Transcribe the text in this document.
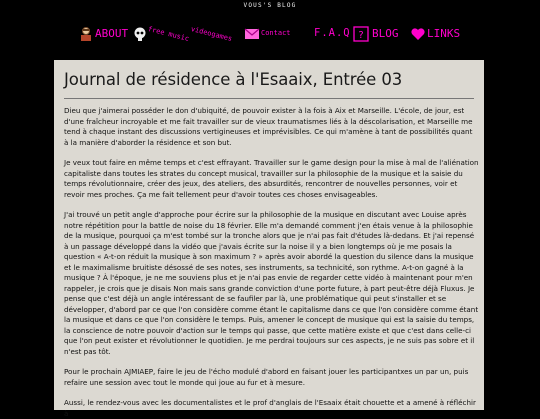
VOUS'S BLOG
ABOUT	free music videogames	Contact F.A.Q ? BLOG	LINKS
Journal de résidence à l'Esaaix, Entrée 03

Dieu que j'aimerai posséder le don d'ubiquité, de pouvoir exister à la fois à Aix et Marseille. L'école, de jour, est d'une fraîcheur incroyable et me fait travailler sur de vieux traumatismes liés à la déscolarisation, et Marseille me tend à chaque instant des discussions vertigineuses et imprévisibles. Ce qui m'amène à tant de possibilités quant à la manière d'aborder la résidence et son but.

Je veux tout faire en même temps et c'est effrayant. Travailler sur le game design pour la mise à mal de l'aliénation capitaliste dans toutes les strates du concept musical, travailler sur la philosophie de la musique et la saisie du temps révolutionnaire, créer des jeux, des ateliers, des absurdités, rencontrer de nouvelles personnes, voir et revoir mes proches. Ça me fait tellement peur d'avoir toutes ces choses envisageables.

J'ai trouvé un petit angle d'approche pour écrire sur la philosophie de la musique en discutant avec Louise après notre répétition pour la battle de noise du 18 février. Elle m'a demandé comment j'en étais venue à la philosophie de la musique, pourquoi ça m'est tombé sur la tronche alors que je n'ai pas fait d'études là-dedans. Et j'ai repensé à un passage développé dans la vidéo que j'avais écrite sur la noise il y a bien longtemps où je me posais la question « A-t-on réduit la musique à son maximum ? » après avoir abordé la question du silence dans la musique et le maximalisme bruitiste désossé de ses notes, ses instruments, sa technicité, son rythme. A-t-on gagné à la musique ? À l'époque, je ne me souviens plus et je n'ai pas envie de regarder cette vidéo à maintenant pour m'en rappeler, je crois que je disais Non mais sans grande conviction d'une porte future, à part peut-être déjà Fluxus. Je pense que c'est déjà un angle intéressant de se faufiler par là, une problématique qui peut s'installer et se développer, d'abord par ce que l'on considère comme étant le capitalisme dans ce que l'on considère comme étant la musique et dans ce que l'on considère le temps. Puis, amener le concept de musique qui est la saisie du temps, la conscience de notre pouvoir d'action sur le temps qui passe, que cette matière existe et que c'est dans celle-ci que l'on peut exister et révolutionner le quotidien. Je me perdrai toujours sur ces aspects, je ne suis pas sobre et il n'est pas tôt.

Pour le prochain AJMIAEP, faire le jeu de l'écho modulé d'abord en faisant jouer les participantxes un par un, puis refaire une session avec tout le monde qui joue au fur et à mesure.

Aussi, le rendez-vous avec les documentalistes et le prof d'anglais de l'Esaaix était chouette et a amené à réfléchir à
